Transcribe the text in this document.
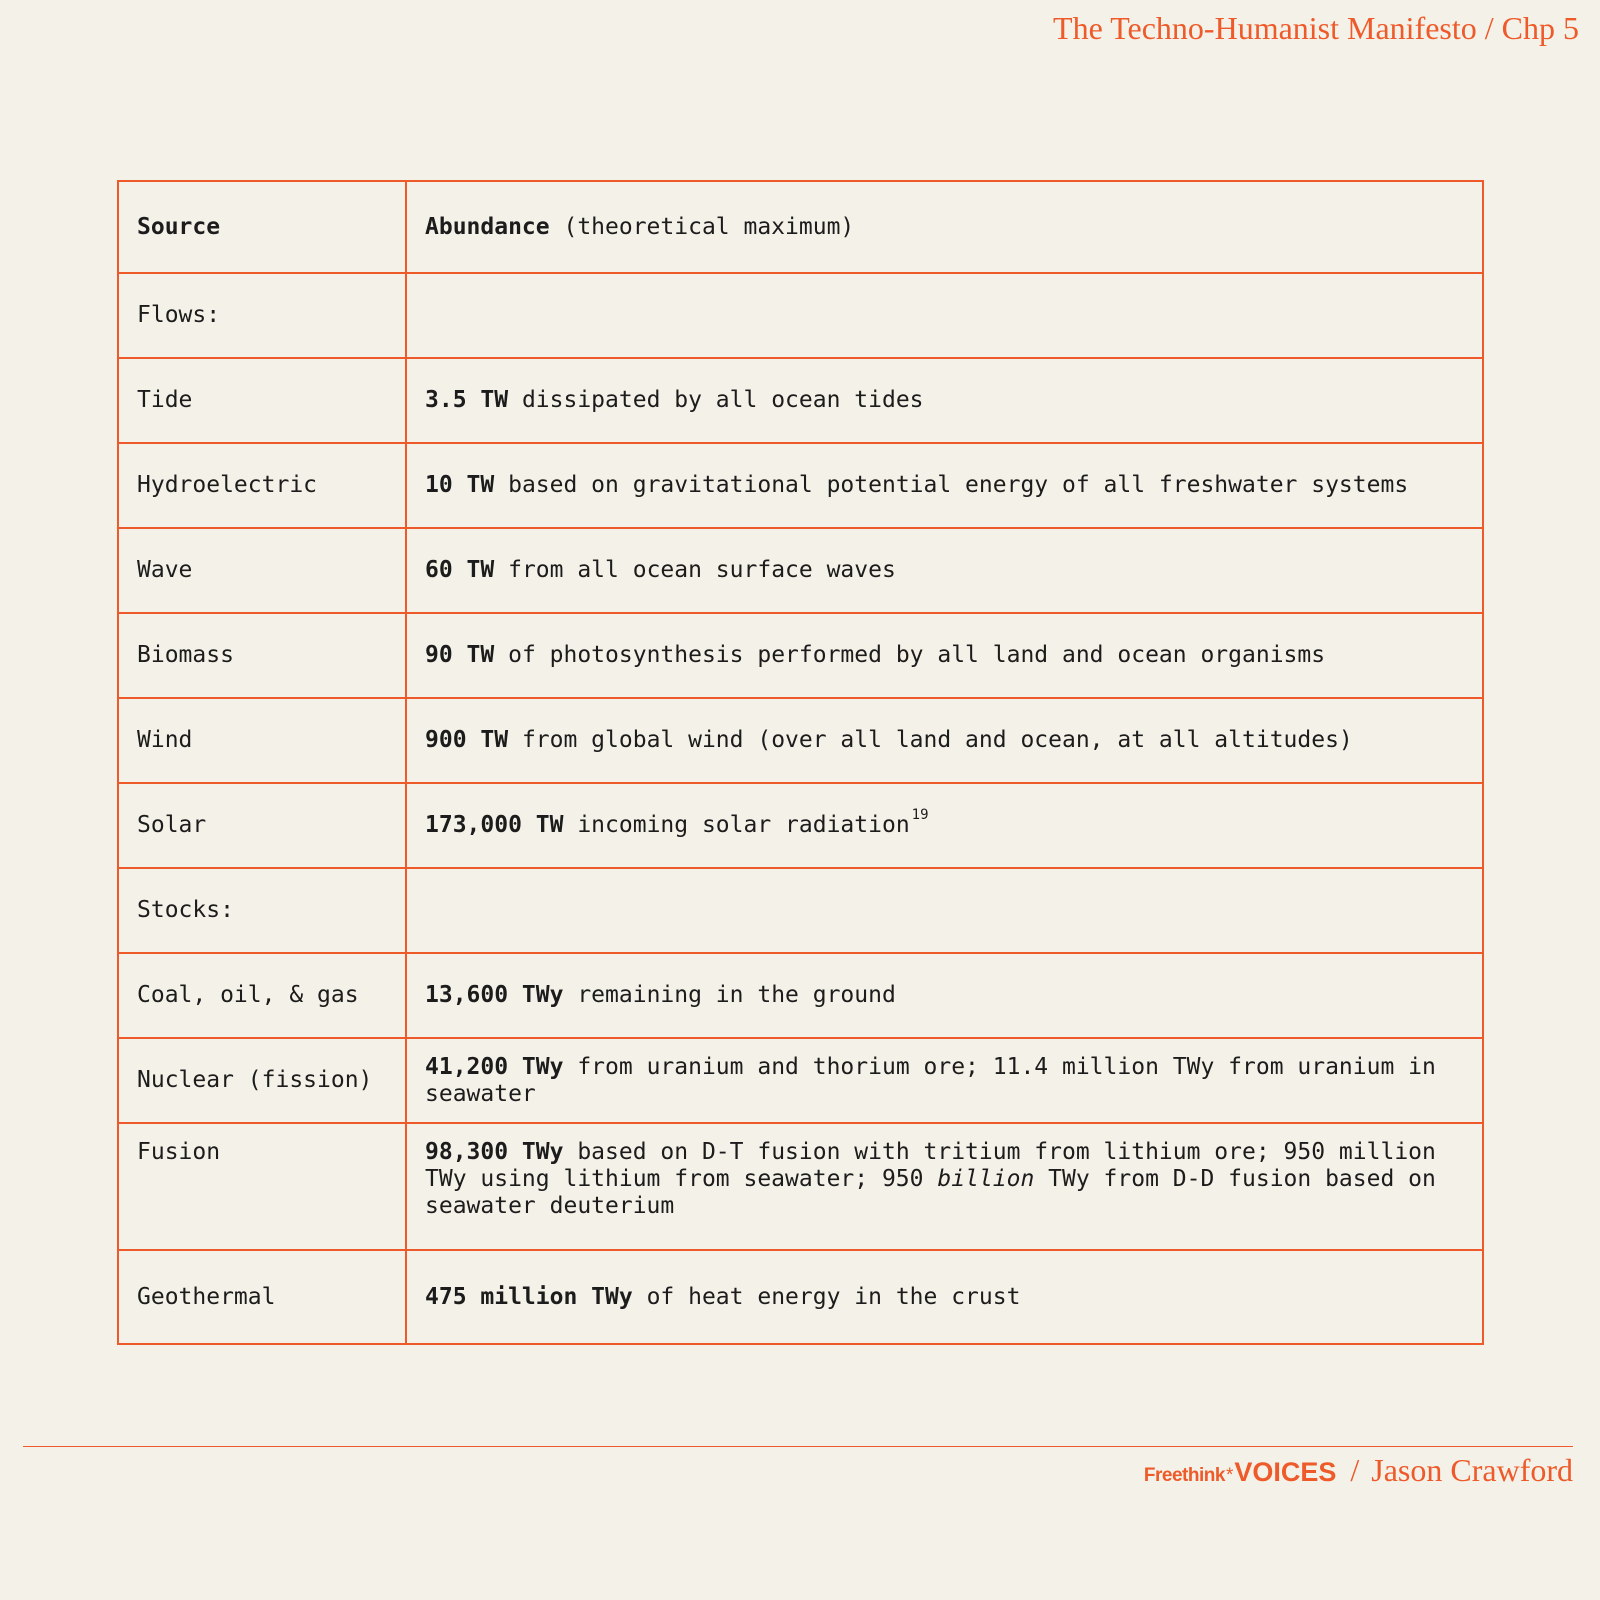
The Techno-Humanist Manifesto / Chp 5
Source	Abundance (theoretical maximum)
Flows:	
Tide	3.5 TW dissipated by all ocean tides
Hydroelectric	10 TW based on gravitational potential energy of all freshwater systems
Wave	60 TW from all ocean surface waves
Biomass	90 TW of photosynthesis performed by all land and ocean organisms
Wind	900 TW from global wind (over all land and ocean, at all altitudes)
Solar	173,000 TW incoming solar radiation $^{19}$
Stocks:	
Coal, oil, & gas	13,600 TWy remaining in the ground
Nuclear (fission)	41,200 TWy from uranium and thorium ore; 11.4 million TWy from uranium in seawater
Fusion	98,300 TWy based on D-T fusion with tritium from lithium ore; 950 million TWy using lithium from seawater; 950 billion TWy from D-D fusion based on seawater deuterium
Geothermal	475 million TWy of heat energy in the crust
Freethink * VOICES / Jason Crawford
